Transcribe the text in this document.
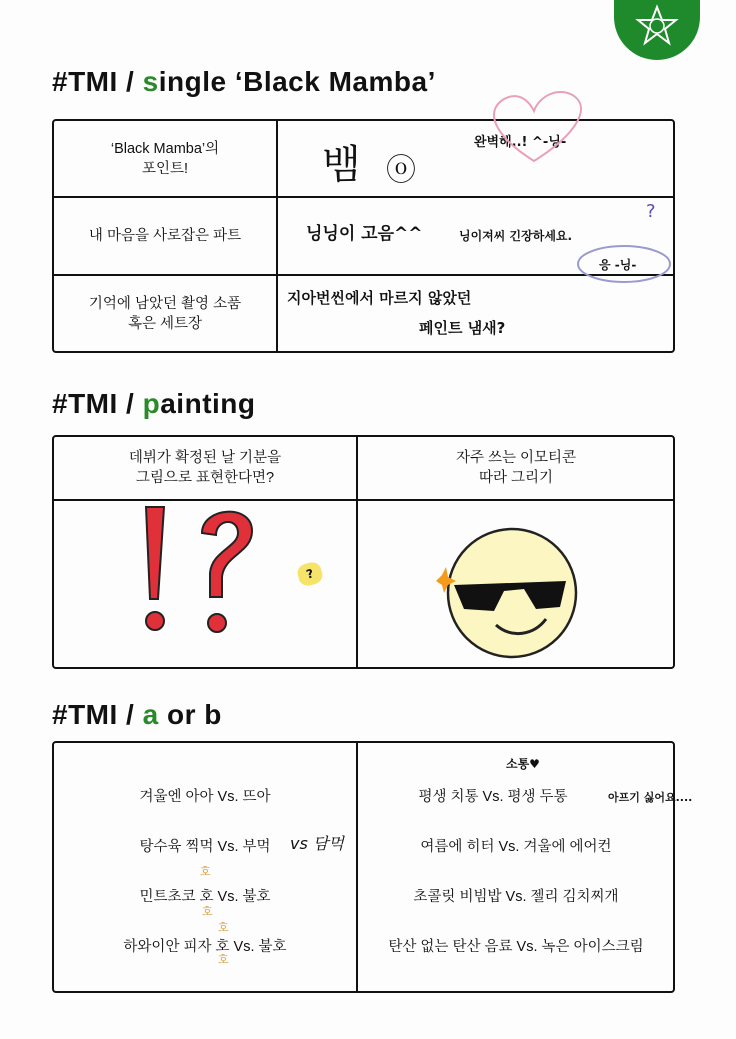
#TMI / single ‘Black Mamba’
‘Black Mamba’의
포인트!
내 마음을 사로잡은 파트
기억에 남았던 촬영 소품
혹은 세트장
뱀 ⓞ
완벽해..! ^-닝-
닝닝이 고음^^	닝이져씨 긴장하세요.
?
응 -닝-
지아번씬에서 마르지 않았던
페인트 냄새?
#TMI / painting
데뷔가 확정된 날 기분을
그림으로 표현한다면?
자주 쓰는 이모티콘
따라 그리기
?
#TMI / a or b
겨울엔 아아 Vs. 뜨아
탕수육 찍먹 Vs. 부먹
민트초코 호 Vs. 불호
하와이안 피자 호 Vs. 불호
vs 담먹
호
호
호
호
소통♥
평생 치통 Vs. 평생 두통
여름에 히터 Vs. 겨울에 에어컨
초콜릿 비빔밥 Vs. 젤리 김치찌개
탄산 없는 탄산 음료 Vs. 녹은 아이스크림
아프기 싫어요....
